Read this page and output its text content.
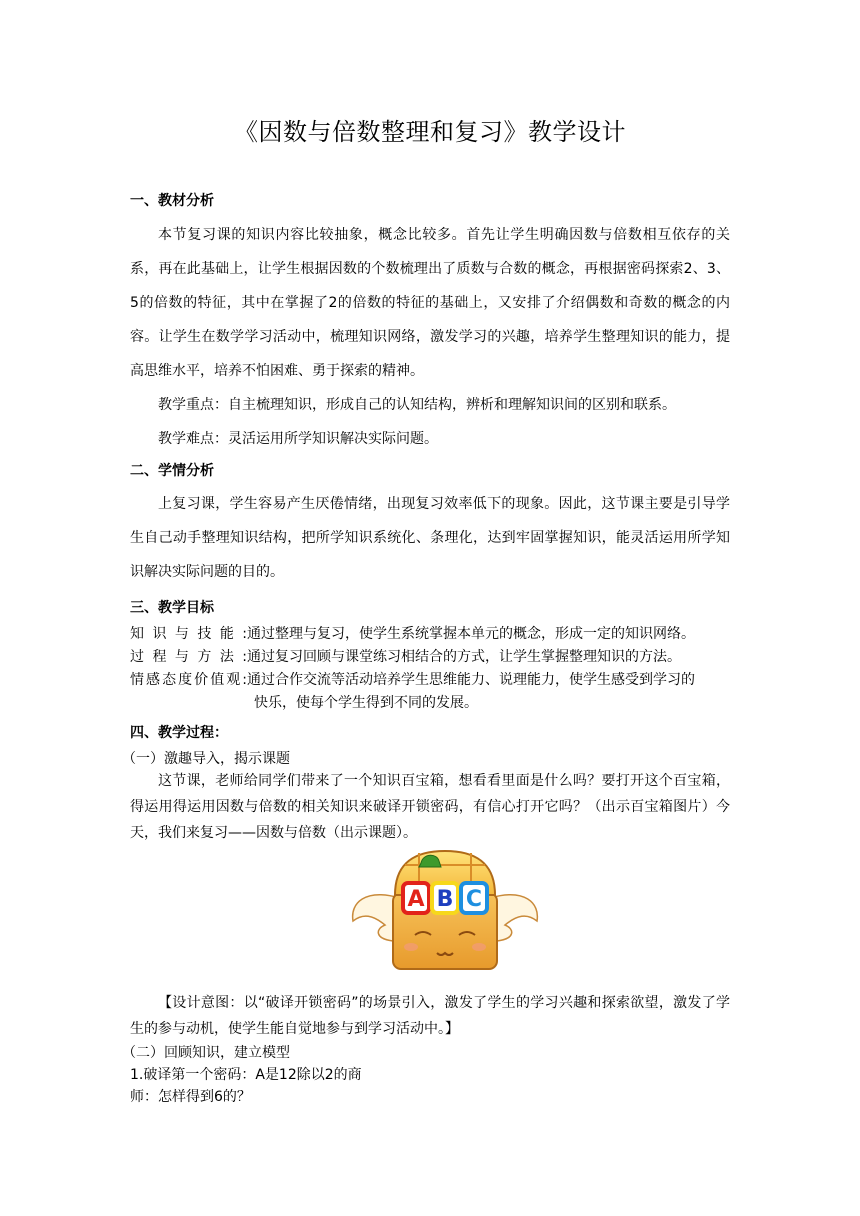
《因数与倍数整理和复习》教学设计
一、教材分析
本节复习课的知识内容比较抽象，概念比较多。首先让学生明确因数与倍数相互依存的关系，再在此基础上，让学生根据因数的个数梳理出了质数与合数的概念，再根据密码探索2、3、5的倍数的特征，其中在掌握了2的倍数的特征的基础上，又安排了介绍偶数和奇数的概念的内容。让学生在数学学习活动中，梳理知识网络，激发学习的兴趣，培养学生整理知识的能力，提高思维水平，培养不怕困难、勇于探索的精神。
教学重点：自主梳理知识，形成自己的认知结构，辨析和理解知识间的区别和联系。
教学难点：灵活运用所学知识解决实际问题。
二、学情分析
上复习课，学生容易产生厌倦情绪，出现复习效率低下的现象。因此，这节课主要是引导学生自己动手整理知识结构，把所学知识系统化、条理化，达到牢固掌握知识，能灵活运用所学知识解决实际问题的目的。
三、教学目标
知识与技能:通过整理与复习，使学生系统掌握本单元的概念，形成一定的知识网络。
过程与方法:通过复习回顾与课堂练习相结合的方式，让学生掌握整理知识的方法。
情感态度价值观:通过合作交流等活动培养学生思维能力、说理能力，使学生感受到学习的
快乐，使每个学生得到不同的发展。
四、教学过程：
（一）激趣导入，揭示课题
这节课，老师给同学们带来了一个知识百宝箱，想看看里面是什么吗？要打开这个百宝箱，得运用得运用因数与倍数的相关知识来破译开锁密码，有信心打开它吗？（出示百宝箱图片）今天，我们来复习——因数与倍数（出示课题）。
A B C
【设计意图：以“破译开锁密码”的场景引入，激发了学生的学习兴趣和探索欲望，激发了学生的参与动机，使学生能自觉地参与到学习活动中。】
（二）回顾知识，建立模型
1.破译第一个密码：A是12除以2的商
师：怎样得到6的？
